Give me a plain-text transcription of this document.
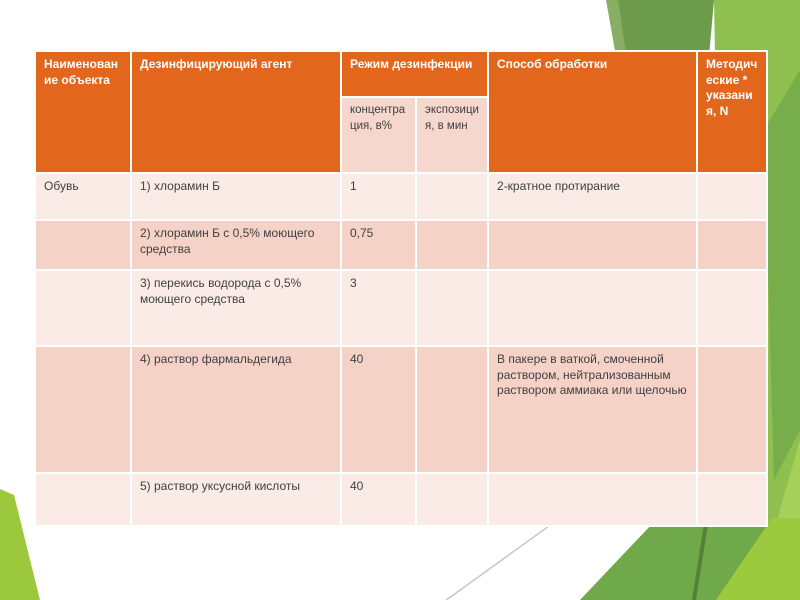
Наименование объекта	Дезинфицирующий агент	Режим дезинфекции		Способ обработки	Методические * указания, N
		концентрация, в%	экспозиция, в мин		
Обувь	1) хлорамин Б	1		2-кратное протирание	
	2) хлорамин Б с 0,5% моющего средства	0,75			
	3) перекись водорода с 0,5% моющего средства	3			
	4) раствор фармальдегида	40		В пакере в ваткой, смоченной раствором, нейтрализованным раствором аммиака или щелочью	
	5) раствор уксусной кислоты	40			
